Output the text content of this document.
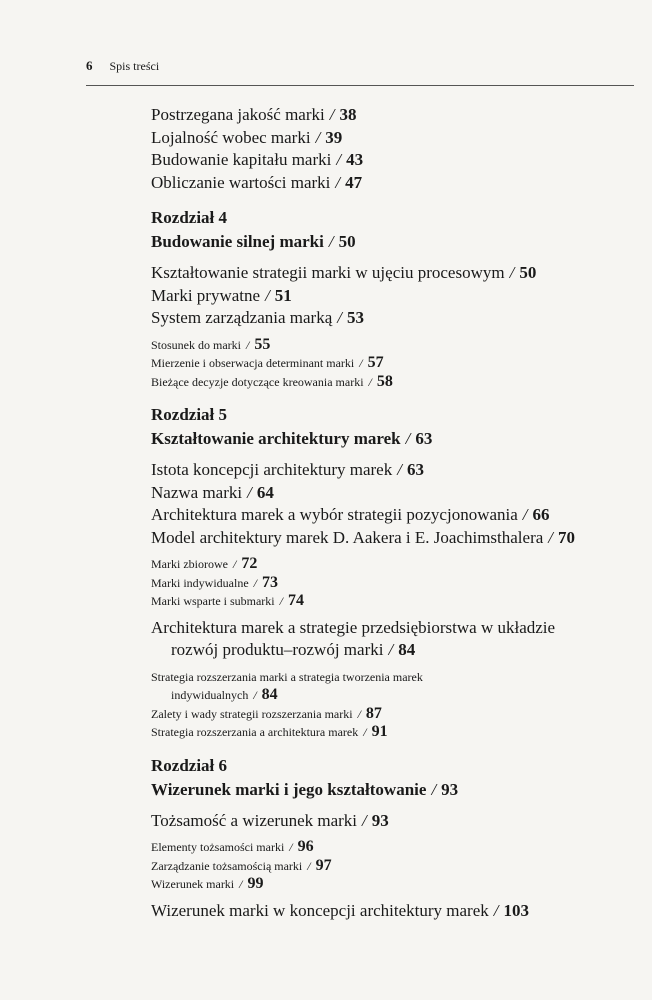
6 Spis treści
Postrzegana jakość marki / 38
Lojalność wobec marki / 39
Budowanie kapitału marki / 43
Obliczanie wartości marki / 47
Rozdział 4
Budowanie silnej marki / 50
Kształtowanie strategii marki w ujęciu procesowym / 50
Marki prywatne / 51
System zarządzania marką / 53
Stosunek do marki / 55
Mierzenie i obserwacja determinant marki / 57
Bieżące decyzje dotyczące kreowania marki / 58
Rozdział 5
Kształtowanie architektury marek / 63
Istota koncepcji architektury marek / 63
Nazwa marki / 64
Architektura marek a wybór strategii pozycjonowania / 66
Model architektury marek D. Aakera i E. Joachimsthalera / 70
Marki zbiorowe / 72
Marki indywidualne / 73
Marki wsparte i submarki / 74
Architektura marek a strategie przedsiębiorstwa w układzie
rozwój produktu–rozwój marki / 84
Strategia rozszerzania marki a strategia tworzenia marek
indywidualnych / 84
Zalety i wady strategii rozszerzania marki / 87
Strategia rozszerzania a architektura marek / 91
Rozdział 6
Wizerunek marki i jego kształtowanie / 93
Tożsamość a wizerunek marki / 93
Elementy tożsamości marki / 96
Zarządzanie tożsamością marki / 97
Wizerunek marki / 99
Wizerunek marki w koncepcji architektury marek / 103
